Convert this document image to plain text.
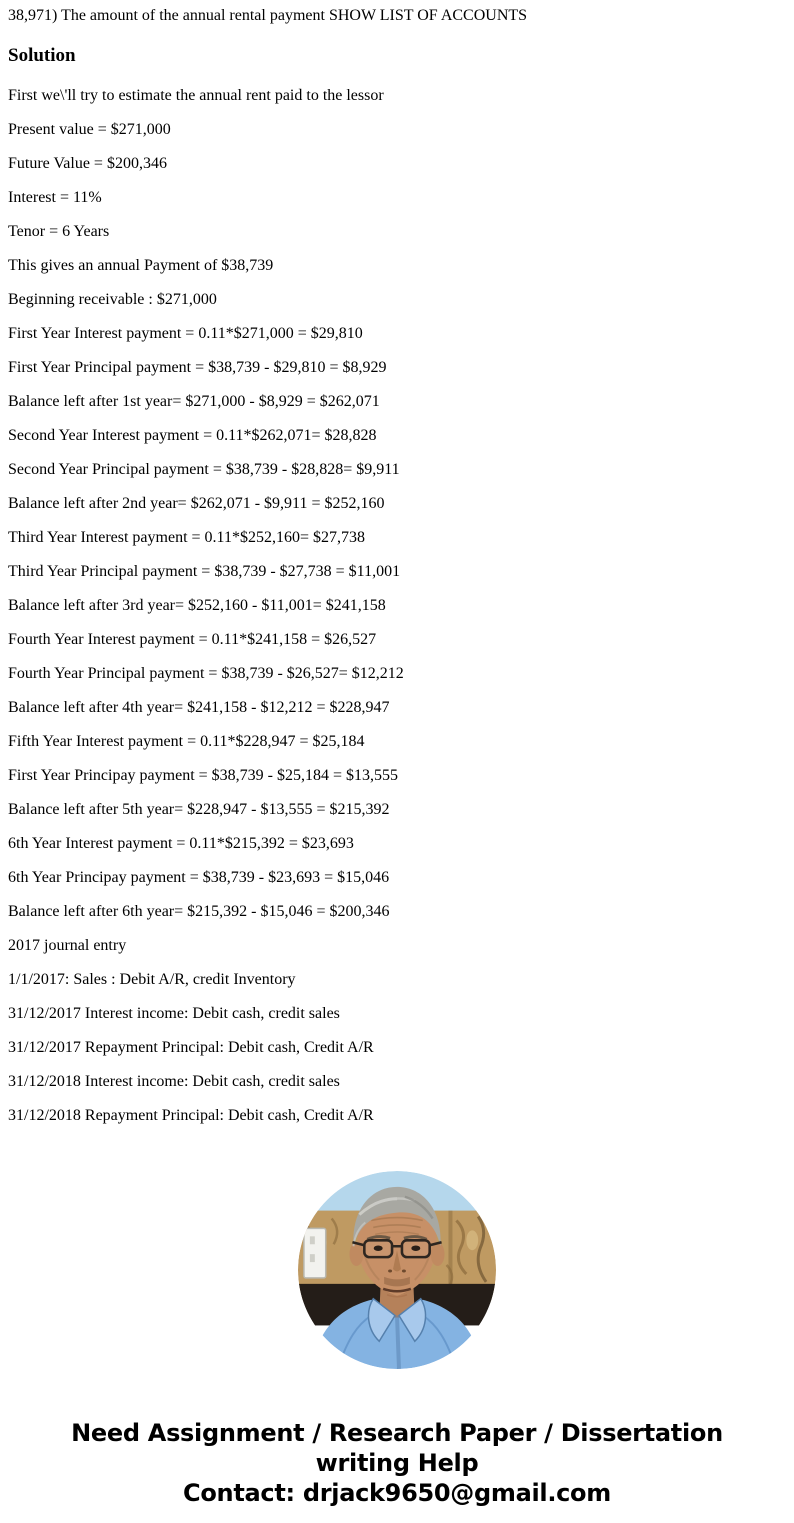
38,971) The amount of the annual rental payment SHOW LIST OF ACCOUNTS

Solution

First we\'ll try to estimate the annual rent paid to the lessor

Present value = $271,000

Future Value = $200,346

Interest = 11%

Tenor = 6 Years

This gives an annual Payment of $38,739

Beginning receivable : $271,000

First Year Interest payment = 0.11*$271,000 = $29,810

First Year Principal payment = $38,739 - $29,810 = $8,929

Balance left after 1st year= $271,000 - $8,929 = $262,071

Second Year Interest payment = 0.11*$262,071= $28,828

Second Year Principal payment = $38,739 - $28,828= $9,911

Balance left after 2nd year= $262,071 - $9,911 = $252,160

Third Year Interest payment = 0.11*$252,160= $27,738

Third Year Principal payment = $38,739 - $27,738 = $11,001

Balance left after 3rd year= $252,160 - $11,001= $241,158

Fourth Year Interest payment = 0.11*$241,158 = $26,527

Fourth Year Principal payment = $38,739 - $26,527= $12,212

Balance left after 4th year= $241,158 - $12,212 = $228,947

Fifth Year Interest payment = 0.11*$228,947 = $25,184

First Year Principay payment = $38,739 - $25,184 = $13,555

Balance left after 5th year= $228,947 - $13,555 = $215,392

6th Year Interest payment = 0.11*$215,392 = $23,693

6th Year Principay payment = $38,739 - $23,693 = $15,046

Balance left after 6th year= $215,392 - $15,046 = $200,346

2017 journal entry

1/1/2017: Sales : Debit A/R, credit Inventory

31/12/2017 Interest income: Debit cash, credit sales

31/12/2017 Repayment Principal: Debit cash, Credit A/R

31/12/2018 Interest income: Debit cash, credit sales

31/12/2018 Repayment Principal: Debit cash, Credit A/R

Need Assignment / Research Paper / Dissertation
writing Help
Contact: drjack9650@gmail.com
